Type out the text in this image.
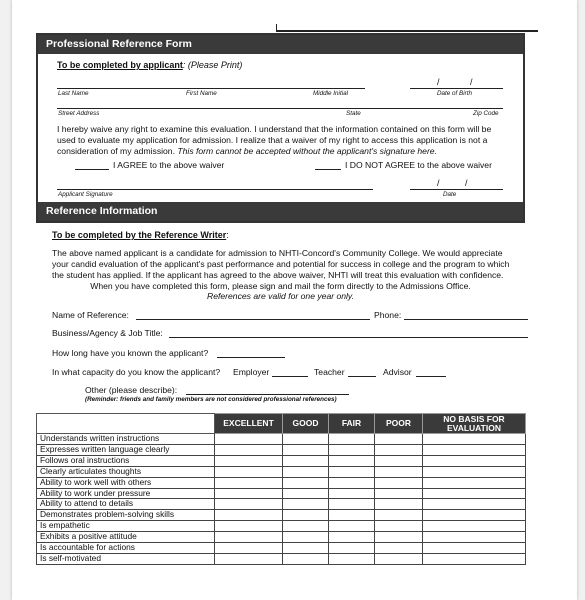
Professional Reference Form
To be completed by applicant: (Please Print)
/	/
Last Name	First Name	Middle Initial	Date of Birth
Street Address	State	Zip Code
I hereby waive any right to examine this evaluation. I understand that the information contained on this form will be
used to evaluate my application for admission. I realize that a waiver of my right to access this application is not a
consideration of my admission. This form cannot be accepted without the applicant's signature here.
I AGREE to the above waiver	I DO NOT AGREE to the above waiver
/	/
Applicant Signature	Date
Reference Information
To be completed by the Reference Writer:
The above named applicant is a candidate for admission to NHTI-Concord's Community College. We would appreciate
your candid evaluation of the applicant's past performance and potential for success in college and the program to which
the student has applied. If the applicant has agreed to the above waiver, NHTI will treat this evaluation with confidence.
When you have completed this form, please sign and mail the form directly to the Admissions Office.
References are valid for one year only.
Name of Reference:	Phone:
Business/Agency & Job Title:
How long have you known the applicant?
In what capacity do you know the applicant? Employer	Teacher	Advisor
Other (please describe):
(Reminder: friends and family members are not considered professional references)
	EXCELLENT	GOOD	FAIR	POOR	NO BASIS FOR EVALUATION
Understands written instructions					
Expresses written language clearly					
Follows oral instructions					
Clearly articulates thoughts					
Ability to work well with others					
Ability to work under pressure					
Ability to attend to details					
Demonstrates problem-solving skills					
Is empathetic					
Exhibits a positive attitude					
Is accountable for actions					
Is self-motivated					
